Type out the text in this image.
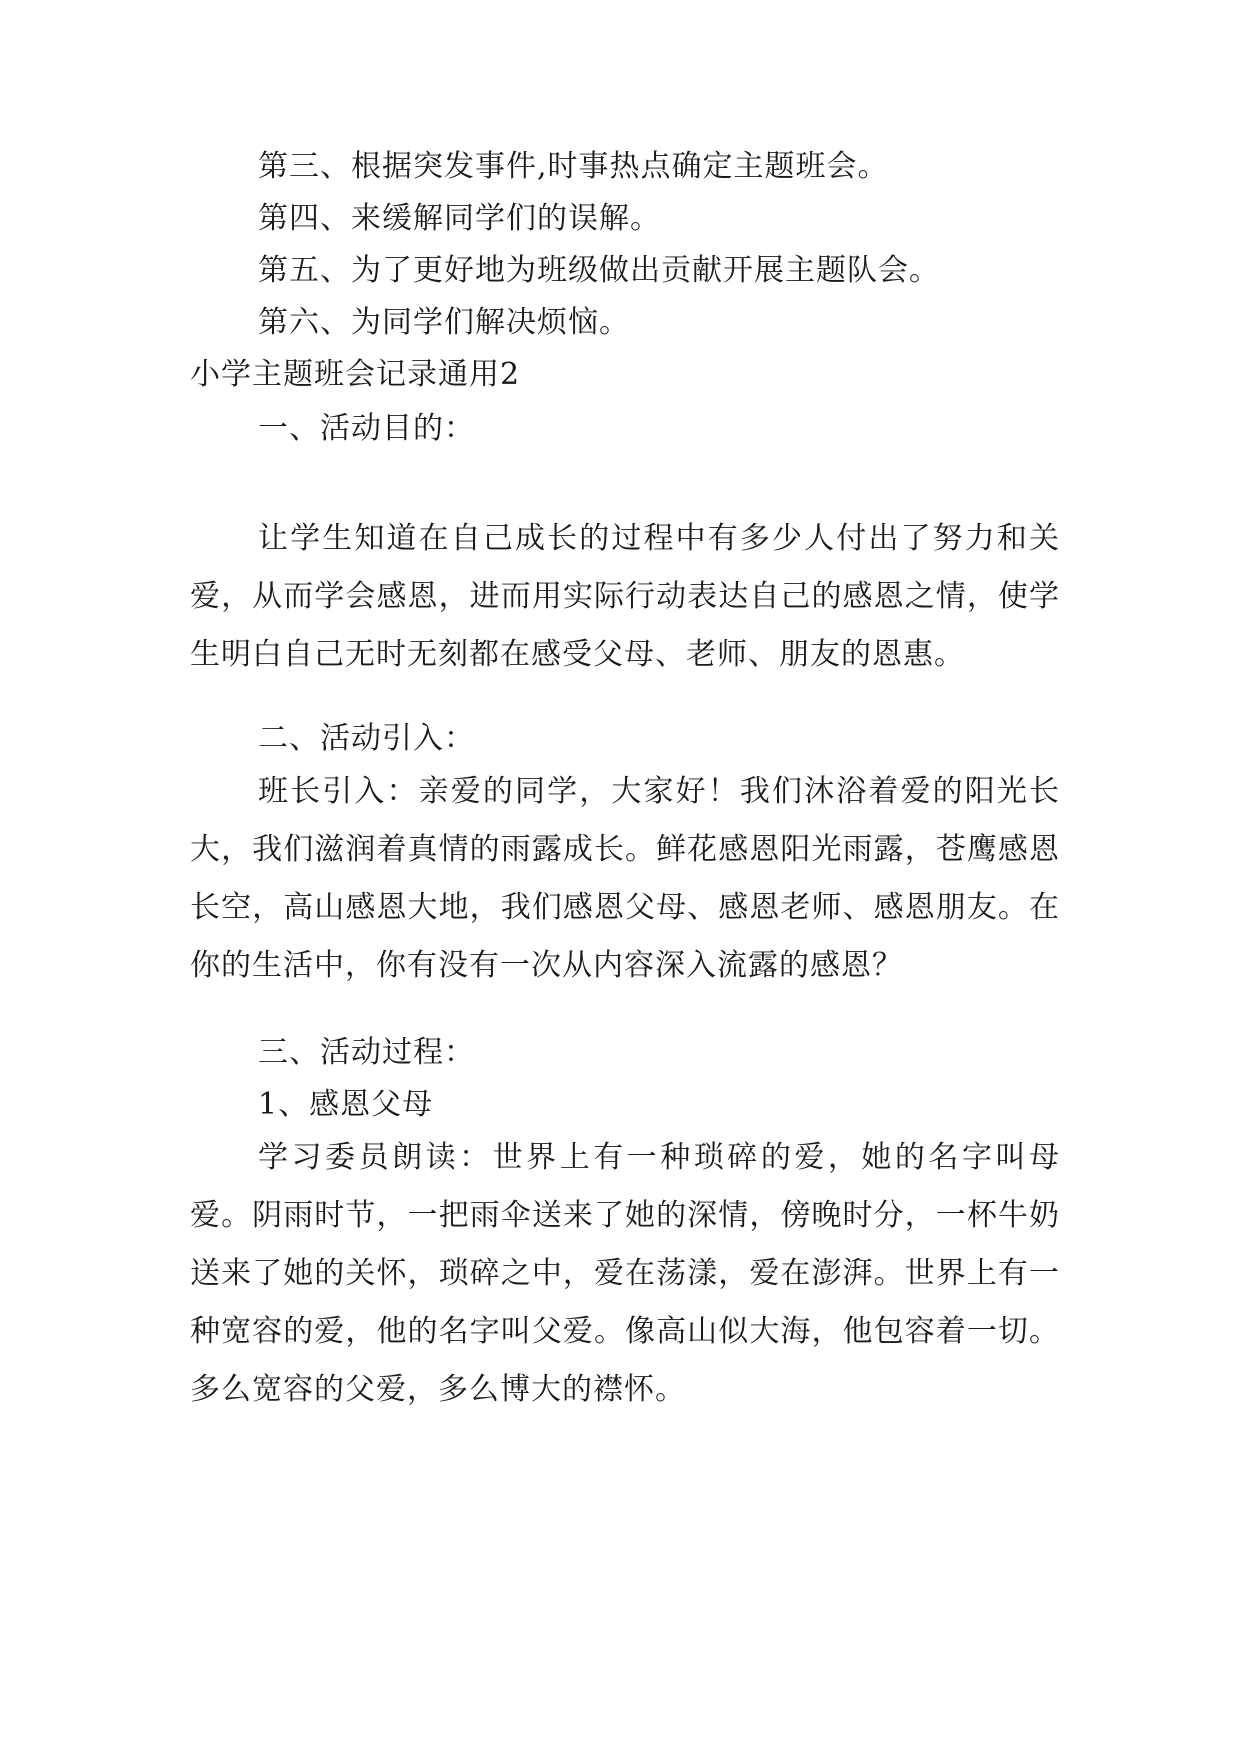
第三、根据突发事件,时事热点确定主题班会。
第四、来缓解同学们的误解。
第五、为了更好地为班级做出贡献开展主题队会。
第六、为同学们解决烦恼。
小学主题班会记录通用2
一、活动目的：
让学生知道在自己成长的过程中有多少人付出了努力和关爱，从而学会感恩，进而用实际行动表达自己的感恩之情，使学生明白自己无时无刻都在感受父母、老师、朋友的恩惠。
二、活动引入：
班长引入：亲爱的同学，大家好！我们沐浴着爱的阳光长大，我们滋润着真情的雨露成长。鲜花感恩阳光雨露，苍鹰感恩长空，高山感恩大地，我们感恩父母、感恩老师、感恩朋友。在你的生活中，你有没有一次从内容深入流露的感恩？
三、活动过程：
1、感恩父母
学习委员朗读：世界上有一种琐碎的爱，她的名字叫母爱。阴雨时节，一把雨伞送来了她的深情，傍晚时分，一杯牛奶送来了她的关怀，琐碎之中，爱在荡漾，爱在澎湃。世界上有一种宽容的爱，他的名字叫父爱。像高山似大海，他包容着一切。多么宽容的父爱，多么博大的襟怀。
